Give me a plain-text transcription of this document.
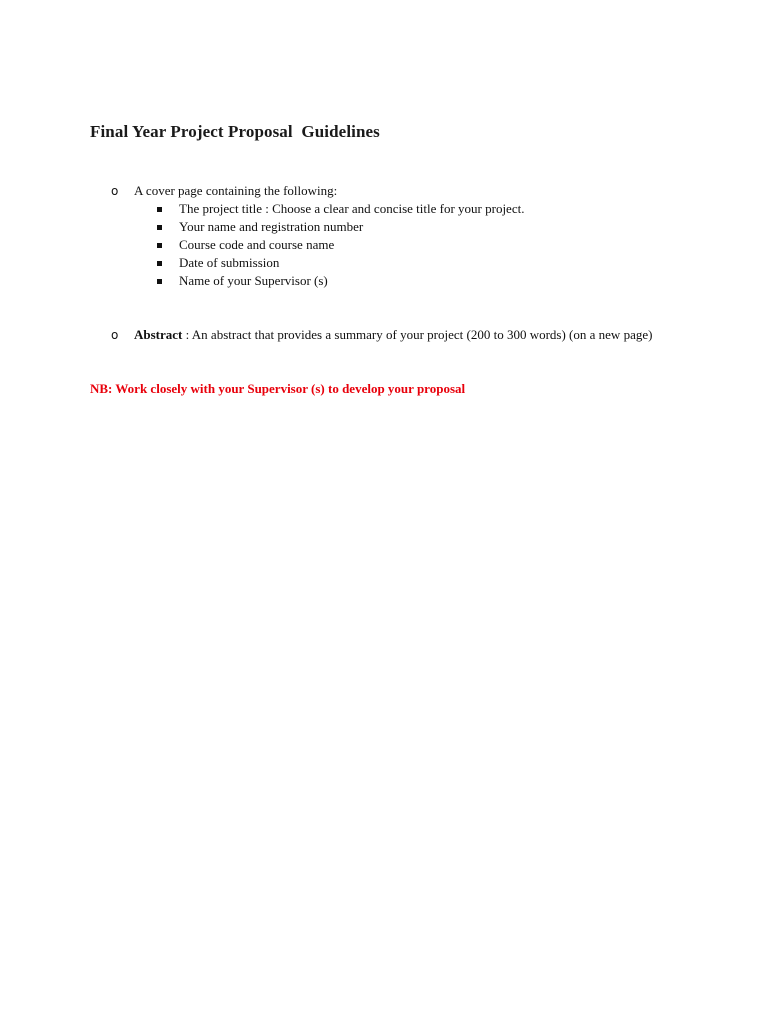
Final Year Project Proposal  Guidelines
o A cover page containing the following:
The project title : Choose a clear and concise title for your project.
Your name and registration number
Course code and course name
Date of submission
Name of your Supervisor (s)
o Abstract : An abstract that provides a summary of your project (200 to 300 words) (on a new page)
NB: Work closely with your Supervisor (s) to develop your proposal
